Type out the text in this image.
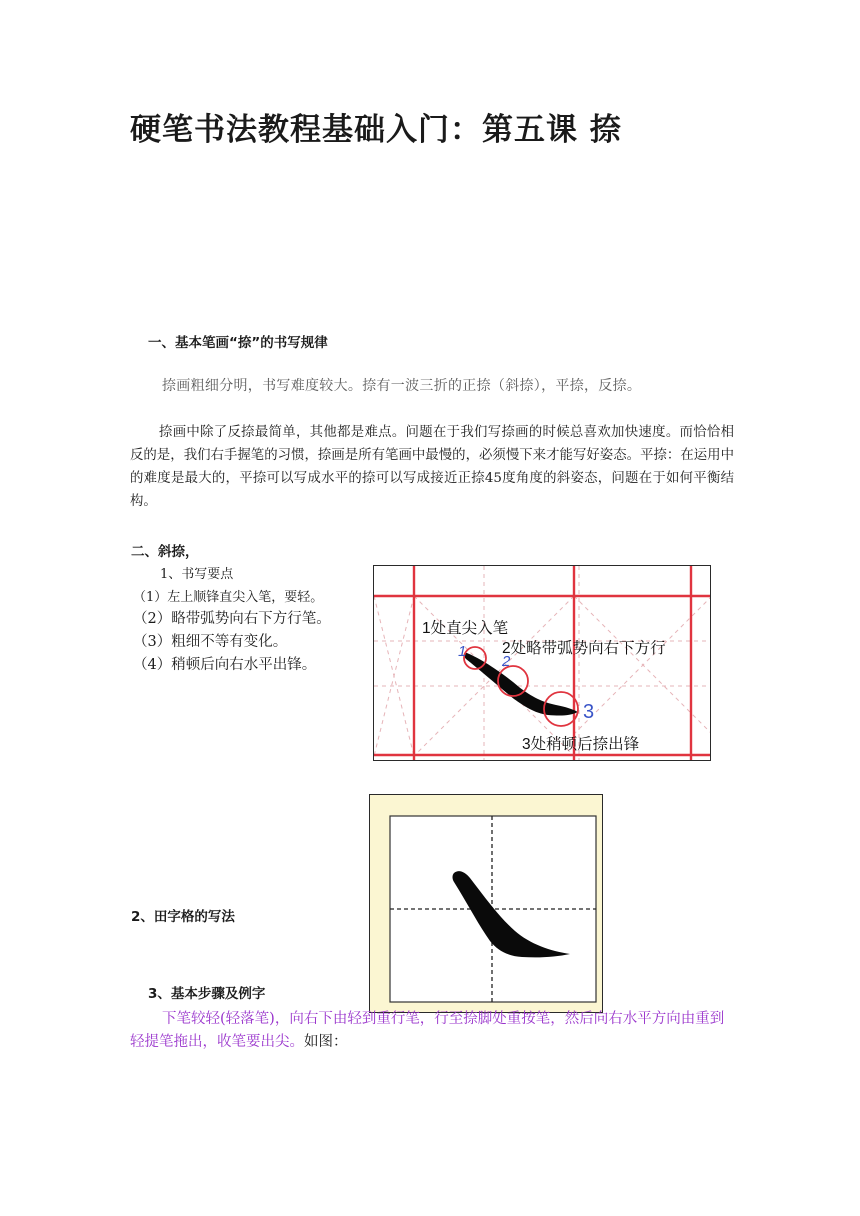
硬笔书法教程基础入门：第五课 捺
一、基本笔画“捺”的书写规律
捺画粗细分明，书写难度较大。捺有一波三折的正捺（斜捺），平捺，反捺。
捺画中除了反捺最简单，其他都是难点。问题在于我们写捺画的时候总喜欢加快速度。而恰恰相反的是，我们右手握笔的习惯，捺画是所有笔画中最慢的，必须慢下来才能写好姿态。平捺：在运用中的难度是最大的，平捺可以写成水平的捺可以写成接近正捺45度角度的斜姿态，问题在于如何平衡结构。
二、斜捺，
1、书写要点
（1）左上顺锋直尖入笔，要轻。
（2）略带弧势向右下方行笔。
（3）粗细不等有变化。
（4）稍顿后向右水平出锋。
1处直尖入笔
2处略带弧势向右下方行
3处稍顿后捺出锋
1
2
3
2、田字格的写法
3、基本步骤及例字
下笔较轻(轻落笔)，向右下由轻到重行笔，行至捺脚处重按笔，然后向右水平方向由重到轻提笔拖出，收笔要出尖。如图：
